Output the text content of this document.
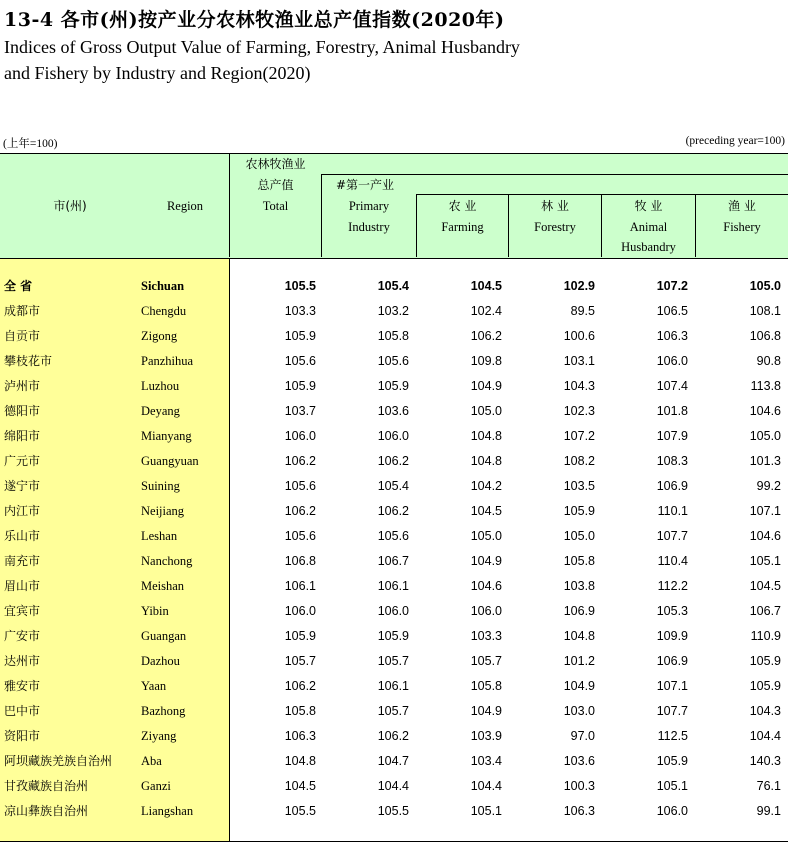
13-4 各市(州)按产业分农林牧渔业总产值指数(2020年)
Indices of Gross Output Value of Farming, Forestry, Animal Husbandry
and Fishery by Industry and Region(2020)
(上年=100)	(preceding year=100)
市(州)	Region
农林牧渔业
总产值
Total
#第一产业
Primary
Industry
农 业
Farming
林 业
Forestry
牧 业
Animal
Husbandry
渔 业
Fishery
全 省	Sichuan	105.5	105.4	104.5	102.9	107.2	105.0
成都市	Chengdu	103.3	103.2	102.4	89.5	106.5	108.1
自贡市	Zigong	105.9	105.8	106.2	100.6	106.3	106.8
攀枝花市	Panzhihua	105.6	105.6	109.8	103.1	106.0	90.8
泸州市	Luzhou	105.9	105.9	104.9	104.3	107.4	113.8
德阳市	Deyang	103.7	103.6	105.0	102.3	101.8	104.6
绵阳市	Mianyang	106.0	106.0	104.8	107.2	107.9	105.0
广元市	Guangyuan	106.2	106.2	104.8	108.2	108.3	101.3
遂宁市	Suining	105.6	105.4	104.2	103.5	106.9	99.2
内江市	Neijiang	106.2	106.2	104.5	105.9	110.1	107.1
乐山市	Leshan	105.6	105.6	105.0	105.0	107.7	104.6
南充市	Nanchong	106.8	106.7	104.9	105.8	110.4	105.1
眉山市	Meishan	106.1	106.1	104.6	103.8	112.2	104.5
宜宾市	Yibin	106.0	106.0	106.0	106.9	105.3	106.7
广安市	Guangan	105.9	105.9	103.3	104.8	109.9	110.9
达州市	Dazhou	105.7	105.7	105.7	101.2	106.9	105.9
雅安市	Yaan	106.2	106.1	105.8	104.9	107.1	105.9
巴中市	Bazhong	105.8	105.7	104.9	103.0	107.7	104.3
资阳市	Ziyang	106.3	106.2	103.9	97.0	112.5	104.4
阿坝藏族羌族自治州 Aba	104.8	104.7	103.4	103.6	105.9	140.3
甘孜藏族自治州	Ganzi	104.5	104.4	104.4	100.3	105.1	76.1
凉山彝族自治州	Liangshan	105.5	105.5	105.1	106.3	106.0	99.1
